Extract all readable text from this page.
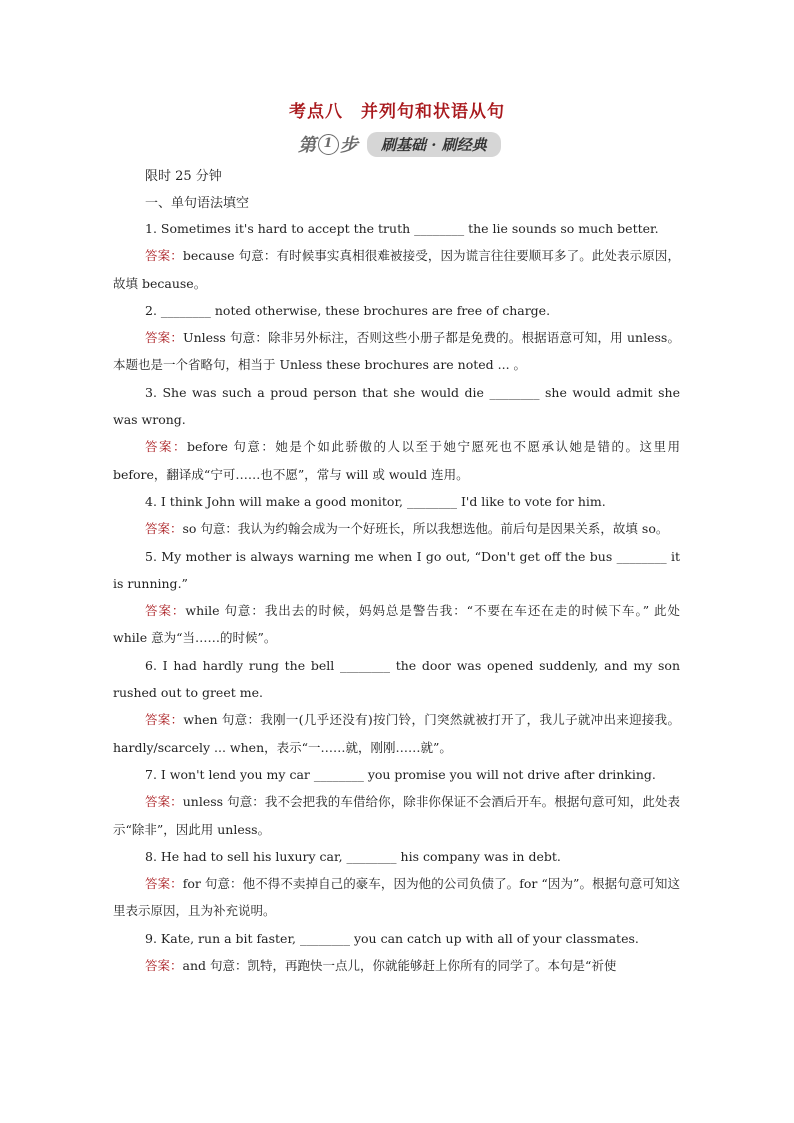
考点八 并列句和状语从句
第 1 步	刷基础 · 刷经典
限时 25 分钟
一、单句语法填空

1. Sometimes it's hard to accept the truth ________ the lie sounds so much better.

答案：because 句意：有时候事实真相很难被接受，因为谎言往往要顺耳多了。此处表示原因，故填 because。

2. ________ noted otherwise, these brochures are free of charge.

答案：Unless 句意：除非另外标注，否则这些小册子都是免费的。根据语意可知，用 unless。本题也是一个省略句，相当于 Unless these brochures are noted ... 。

3. She was such a proud person that she would die ________ she would admit she was wrong.

答案：before 句意：她是个如此骄傲的人以至于她宁愿死也不愿承认她是错的。这里用 before，翻译成“宁可……也不愿”，常与 will 或 would 连用。

4. I think John will make a good monitor, ________ I'd like to vote for him.

答案：so 句意：我认为约翰会成为一个好班长，所以我想选他。前后句是因果关系，故填 so。

5. My mother is always warning me when I go out, “Don't get off the bus ________ it is running.”

答案：while 句意：我出去的时候，妈妈总是警告我：“不要在车还在走的时候下车。” 此处 while 意为“当……的时候”。

6. I had hardly rung the bell ________ the door was opened suddenly, and my son rushed out to greet me.

答案：when 句意：我刚一(几乎还没有)按门铃，门突然就被打开了，我儿子就冲出来迎接我。hardly/scarcely ... when，表示“一……就，刚刚……就”。

7. I won't lend you my car ________ you promise you will not drive after drinking.

答案：unless 句意：我不会把我的车借给你，除非你保证不会酒后开车。根据句意可知，此处表示“除非”，因此用 unless。

8. He had to sell his luxury car, ________ his company was in debt.

答案：for 句意：他不得不卖掉自己的豪车，因为他的公司负债了。for “因为”。根据句意可知这里表示原因，且为补充说明。

9. Kate, run a bit faster, ________ you can catch up with all of your classmates.

答案：and 句意：凯特，再跑快一点儿，你就能够赶上你所有的同学了。本句是“祈使
